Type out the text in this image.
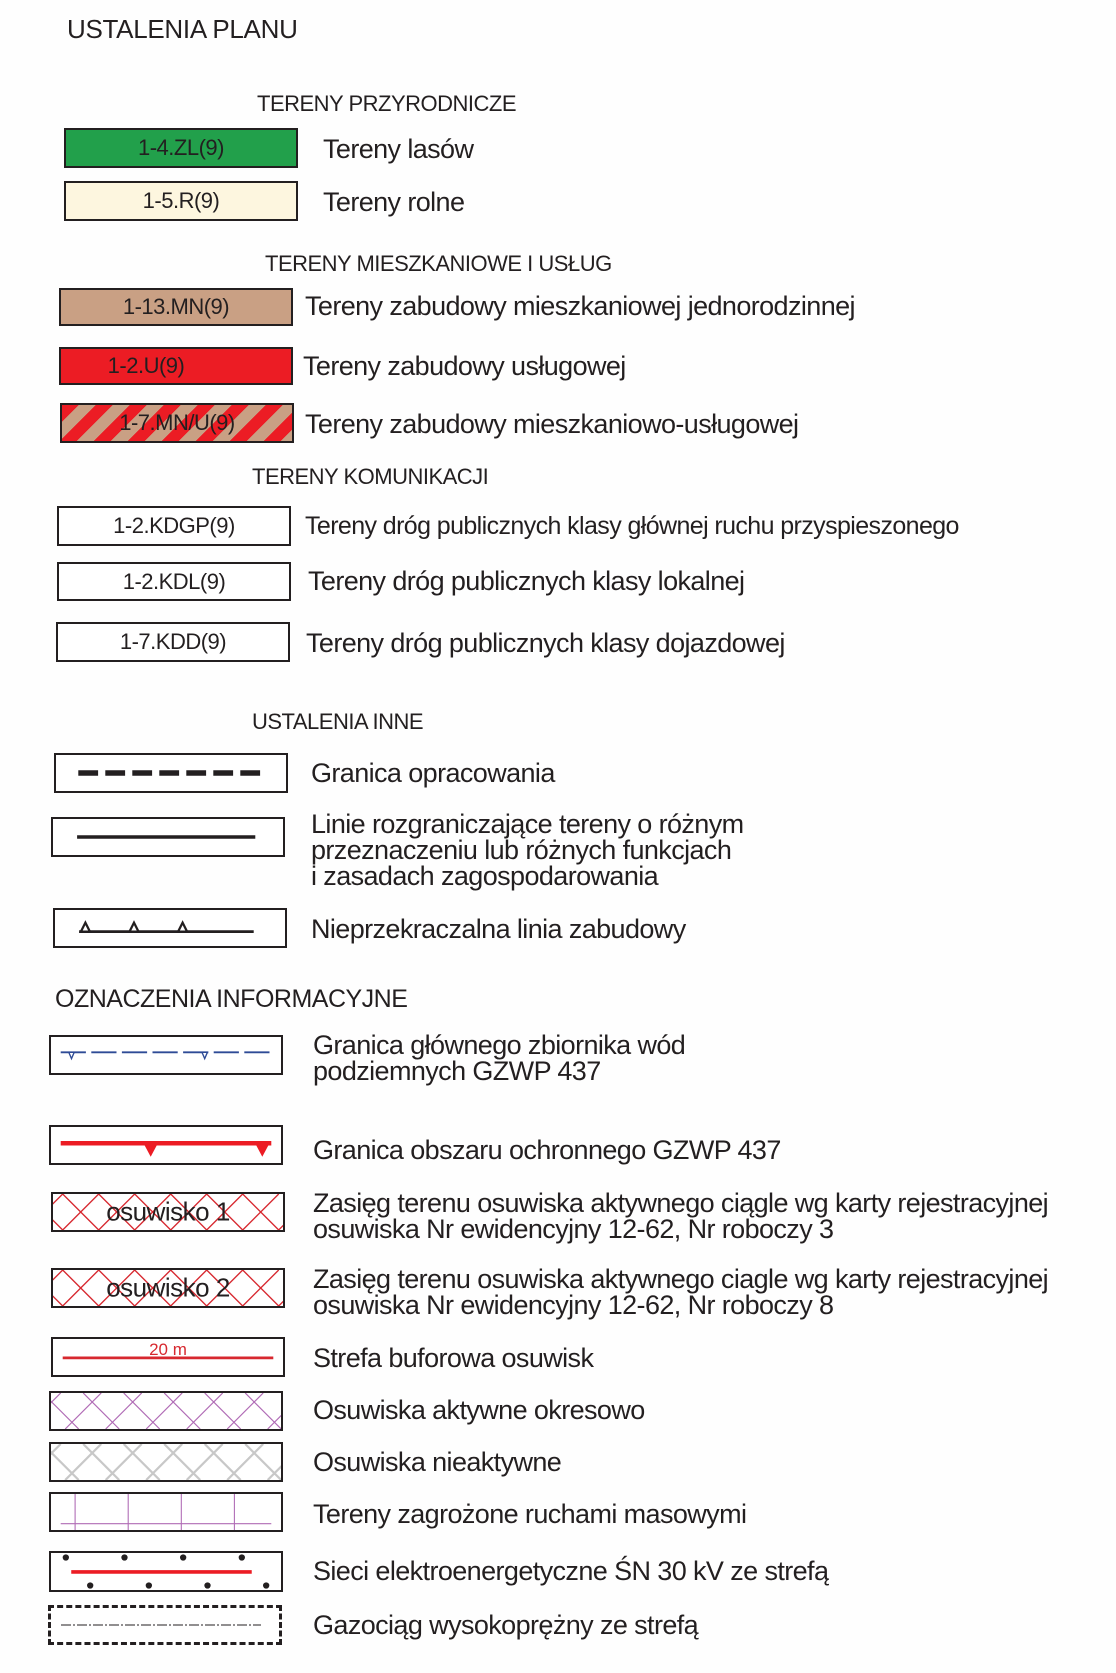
USTALENIA PLANU
TERENY PRZYRODNICZE
1-4.ZL(9)	Tereny lasów
1-5.R(9)	Tereny rolne
TERENY MIESZKANIOWE I USŁUG
1-13.MN(9)	Tereny zabudowy mieszkaniowej jednorodzinnej
1-2.U(9)	Tereny zabudowy usługowej
1-7.MN/U(9)	Tereny zabudowy mieszkaniowo-usługowej
TERENY KOMUNIKACJI
1-2.KDGP(9)	Tereny dróg publicznych klasy głównej ruchu przyspieszonego
1-2.KDL(9)	Tereny dróg publicznych klasy lokalnej
1-7.KDD(9)	Tereny dróg publicznych klasy dojazdowej
USTALENIA INNE
Granica opracowania
Linie rozgraniczające tereny o różnym
przeznaczeniu lub różnych funkcjach
i zasadach zagospodarowania
Nieprzekraczalna linia zabudowy
OZNACZENIA INFORMACYJNE
Granica głównego zbiornika wód
podziemnych GZWP 437
Granica obszaru ochronnego GZWP 437
osuwisko 1	Zasięg terenu osuwiska aktywnego ciągle wg karty rejestracyjnej
osuwiska Nr ewidencyjny 12-62, Nr roboczy 3
osuwisko 2	Zasięg terenu osuwiska aktywnego ciagle wg karty rejestracyjnej
osuwiska Nr ewidencyjny 12-62, Nr roboczy 8
20 m	Strefa buforowa osuwisk
Osuwiska aktywne okresowo
Osuwiska nieaktywne
Tereny zagrożone ruchami masowymi
Sieci elektroenergetyczne ŚN 30 kV ze strefą
Gazociąg wysokoprężny ze strefą
